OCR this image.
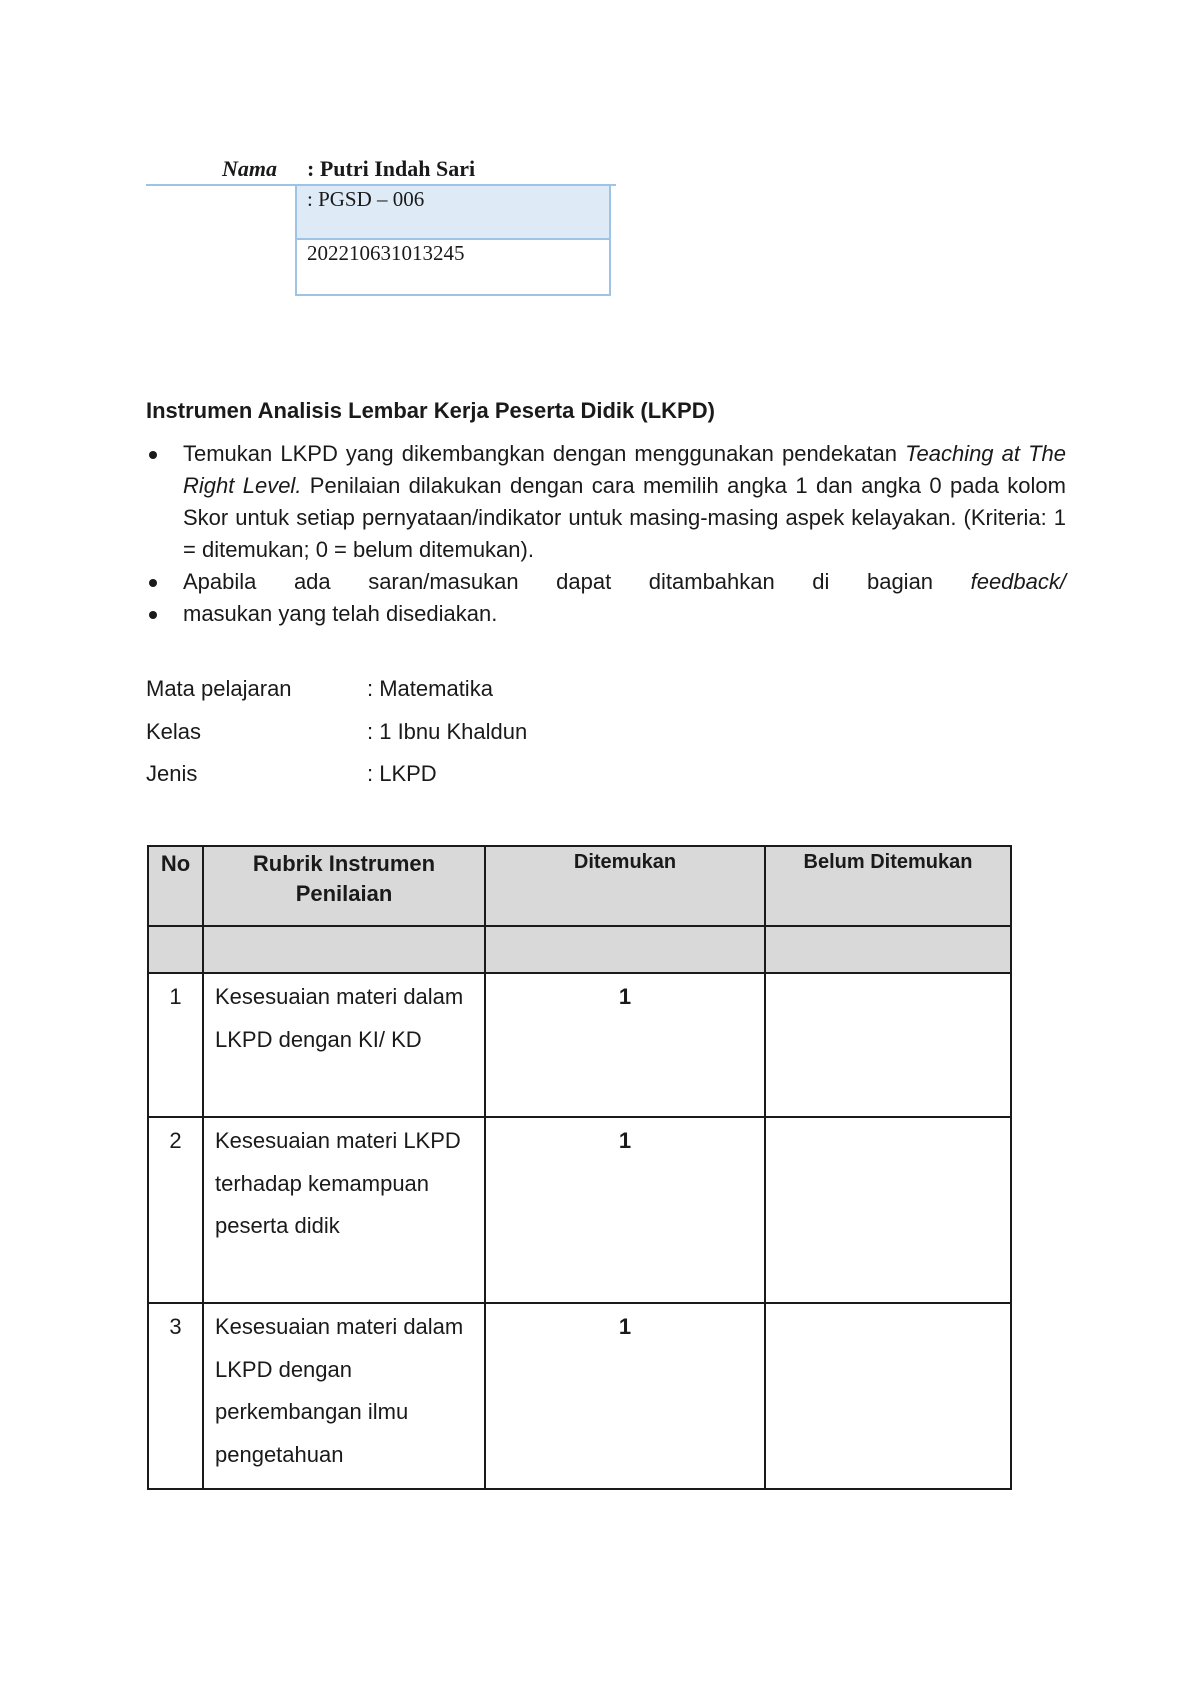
Nama	: Putri Indah Sari
: PGSD – 006
202210631013245
Instrumen Analisis Lembar Kerja Peserta Didik (LKPD)
Temukan LKPD yang dikembangkan dengan menggunakan pendekatan Teaching at The Right Level. Penilaian dilakukan dengan cara memilih angka 1 dan angka 0 pada kolom Skor untuk setiap pernyataan/indikator untuk masing-masing aspek kelayakan. (Kriteria: 1 = ditemukan; 0 = belum ditemukan).
Apabila ada saran/masukan dapat ditambahkan di bagian feedback/
masukan yang telah disediakan.
Mata pelajaran	: Matematika
Kelas	: 1 Ibnu Khaldun
Jenis	: LKPD
No	Rubrik Instrumen Penilaian	Ditemukan	Belum Ditemukan

1	Kesesuaian materi dalam LKPD dengan KI/ KD	1	
2	Kesesuaian materi LKPD terhadap kemampuan peserta didik	1	
3	Kesesuaian materi dalam LKPD dengan perkembangan ilmu pengetahuan	1	
